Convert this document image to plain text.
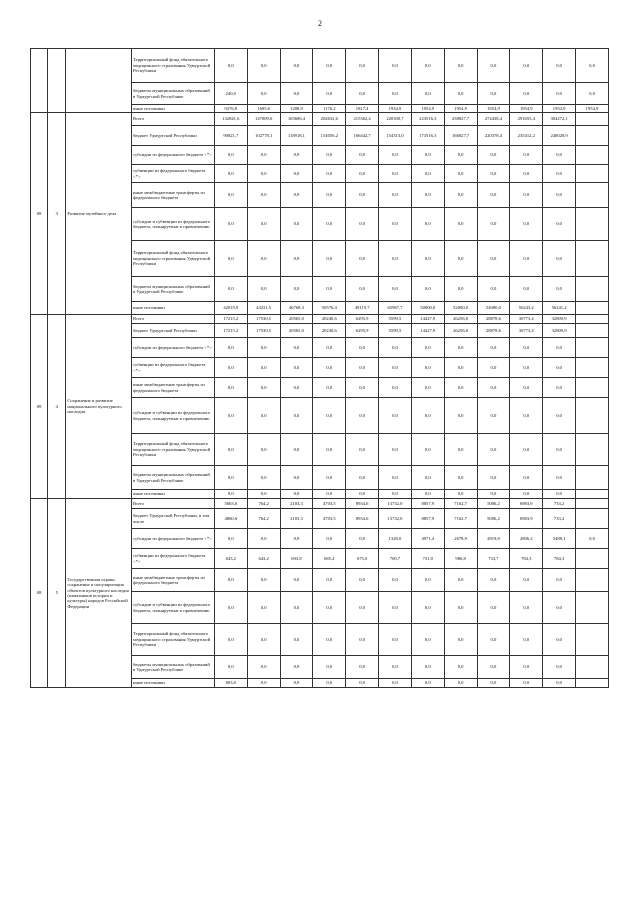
2
			Территориальный фонд обязательного медицинского страхования Удмуртской Республики	0,0	0,0	0,0	0,0	0,0	0,0	0,0	0,0	0,0	0,0	0,0	0,0
			бюджеты муниципальных образований в Удмуртской Республике	240,0	0,0	0,0	0,0	0,0	0,0	0,0	0,0	0,0	0,0	0,0	0,0
			иные источники	0376,8	1695,6	1208,9	1176,2	1817,4	1934,9	1954,9	1954,9	1954,9	1954,9	1954,9	1954,9
08	3	Развитие музейного дела	Всего	132841,6	147009,6	165686,4	204632,6	215362,4	220300,7	223516,3	238827,7	274438,4	291655,4	304272,1	
			бюджет Удмуртской Республики	90821,7	102778,1	118918,1	154056,2	166442,7	154313,0	173516,3	166827,7	220378,4	235412,2	248028,9	
			субсидии из федерального бюджета <*>	0,0	0,0	0,0	0,0	0,0	0,0	0,0	0,0	0,0	0,0	0,0	
			субвенции из федерального бюджета <*>	0,0	0,0	0,0	0,0	0,0	0,0	0,0	0,0	0,0	0,0	0,0	
			иные межбюджетные трансферты из федерального бюджета	0,0	0,0	0,0	0,0	0,0	0,0	0,0	0,0	0,0	0,0	0,0	
			субсидии и субвенции из федерального бюджета, планируемые к привлечению	0,0	0,0	0,0	0,0	0,0	0,0	0,0	0,0	0,0	0,0	0,0	
			Территориальный фонд обязательного медицинского страхования Удмуртской Республики	0,0	0,0	0,0	0,0	0,0	0,0	0,0	0,0	0,0	0,0	0,0	
			бюджеты муниципальных образований в Удмуртской Республике	0,0	0,0	0,0	0,0	0,0	0,0	0,0	0,0	0,0	0,0	0,0	
			иные источники	42019,9	44231,5	46768,3	50576,4	49119,7	65987,7	50000,0	52000,0	54080,0	56243,2	56241,2	
08	4	Сохранение и развитие национального культурного наследия	Всего	17215,2	17530,5	20565,0	20240,6	6295,9	5599,5	14427,9	26256,0	28878,6	30773,4	32809,9	
			бюджет Удмуртской Республики	17215,2	17530,5	20565,0	20240,6	6295,9	5599,5	14427,9	26256,0	28878,6	30773,4	32809,9	
			субсидии из федерального бюджета <*>	0,0	0,0	0,0	0,0	0,0	0,0	0,0	0,0	0,0	0,0	0,0	
			субвенции из федерального бюджета <*>	0,0	0,0	0,0	0,0	0,0	0,0	0,0	0,0	0,0	0,0	0,0	
			иные межбюджетные трансферты из федерального бюджета	0,0	0,0	0,0	0,0	0,0	0,0	0,0	0,0	0,0	0,0	0,0	
			субсидии и субвенции из федерального бюджета, планируемые к привлечению	0,0	0,0	0,0	0,0	0,0	0,0	0,0	0,0	0,0	0,0	0,0	
			Территориальный фонд обязательного медицинского страхования Удмуртской Республики	0,0	0,0	0,0	0,0	0,0	0,0	0,0	0,0	0,0	0,0	0,0	
			бюджеты муниципальных образований в Удмуртской Республике	0,0	0,0	0,0	0,0	0,0	0,0	0,0	0,0	0,0	0,0	0,0	
			иные источники	0,0	0,0	0,0	0,0	0,0	0,0	0,0	0,0	0,0	0,0	0,0	
08	5	Государственная охрана, сохранение и популяризация объектов культурного наследия (памятников истории и культуры) народов Российской Федерации	Всего	5663,6	764,2	2103,3	4703,5	8934,6	13732,0	8857,9	7162,7	5006,2	6983,9	733,2	
			бюджет Удмуртской Республики, в том числе	4860,6	764,2	2103,3	4703,5	8934,6	13732,0	8857,9	7162,7	5006,2	6983,9	733,2	
			субсидии из федерального бюджета <*>	0,0	0,0	0,0	0,0	0,0	1328,0	4971,4	2678,9	2819,8	2806,2	5488,1	0,0
			субвенции из федерального бюджета <*>	643,2	643,2	693,8	685,4	675,0	700,7	731,0	986,8	733,7	784,3	784,3	
			иные межбюджетные трансферты из федерального бюджета	0,0	0,0	0,0	0,0	0,0	0,0	0,0	0,0	0,0	0,0	0,0	
			субсидии и субвенции из федерального бюджета, планируемые к привлечению	0,0	0,0	0,0	0,0	0,0	0,0	0,0	0,0	0,0	0,0	0,0	
			Территориальный фонд обязательного медицинского страхования Удмуртской Республики	0,0	0,0	0,0	0,0	0,0	0,0	0,0	0,0	0,0	0,0	0,0	
			бюджеты муниципальных образований в Удмуртской Республике	0,0	0,0	0,0	0,0	0,0	0,0	0,0	0,0	0,0	0,0	0,0	
			иные источники	803,0	0,0	0,0	0,0	0,0	0,0	0,0	0,0	0,0	0,0	0,0	
